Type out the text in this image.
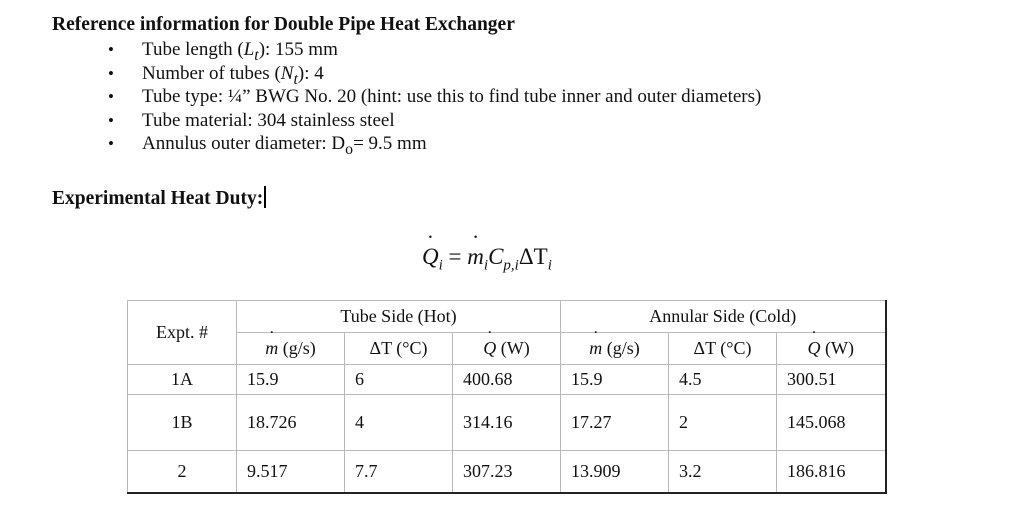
Reference information for Double Pipe Heat Exchanger
• Tube length $(L_t)$: 155 mm
• Number of tubes $(N_t)$: 4
• Tube type: ¼” BWG No. 20 (hint: use this to find tube inner and outer diameters)
• Tube material: 304 stainless steel
• Annulus outer diameter: $D_o= 9.5$ mm
Experimental Heat Duty:
Q $˙_i = m$ $˙_iC_{p,i}\Delta T_i$
Expt. #	Tube Side (Hot)			Annular Side (Cold)		
	m ˙ (g/s)	ΔT (°C)	Q ˙ (W)	m ˙ (g/s)	ΔT (°C)	Q ˙ (W)
1A	15.9	6	400.68	15.9	4.5	300.51
1B	18.726	4	314.16	17.27	2	145.068
2	9.517	7.7	307.23	13.909	3.2	186.816
